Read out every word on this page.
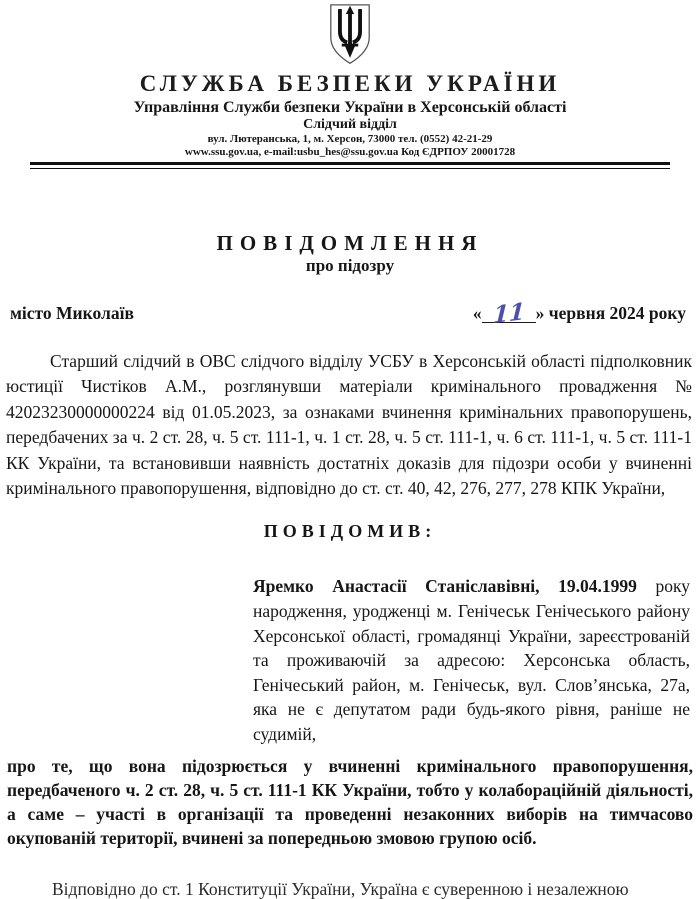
СЛУЖБА БЕЗПЕКИ УКРАЇНИ
Управління Служби безпеки України в Херсонській області
Слідчий відділ
вул. Лютеранська, 1, м. Херсон, 73000 тел. (0552) 42-21-29
www.ssu.gov.ua, e-mail:usbu_hes@ssu.gov.ua Код ЄДРПОУ 20001728
ПОВІДОМЛЕННЯ
про підозру
місто Миколаїв	« 11 » червня 2024 року

Старший слідчий в ОВС слідчого відділу УСБУ в Херсонській області підполковник юстиції Чистіков А.М., розглянувши матеріали кримінального провадження № 42023230000000224 від 01.05.2023, за ознаками вчинення кримінальних правопорушень, передбачених за ч. 2 ст. 28, ч. 5 ст. 111-1, ч. 1 ст. 28, ч. 5 ст. 111-1, ч. 6 ст. 111-1, ч. 5 ст. 111-1 КК України, та встановивши наявність достатніх доказів для підозри особи у вчиненні кримінального правопорушення, відповідно до ст. ст. 40, 42, 276, 277, 278 КПК України,

ПОВІДОМИВ:

Яремко Анастасії Станіславівні, 19.04.1999 року народження, уродженці м. Генічеськ Генічеського району Херсонської області, громадянці України, зареєстрованій та проживаючій за адресою: Херсонська область, Генічеський район, м. Генічеськ, вул. Слов’янська, 27а, яка не є депутатом ради будь-якого рівня, раніше не судимій,

про те, що вона підозрюється у вчиненні кримінального правопорушення, передбаченого ч. 2 ст. 28, ч. 5 ст. 111-1 КК України, тобто у колабораційній діяльності, а саме – участі в організації та проведенні незаконних виборів на тимчасово окупованій території, вчинені за попередньою змовою групою осіб.

Відповідно до ст. 1 Конституції України, Україна є суверенною і незалежною
